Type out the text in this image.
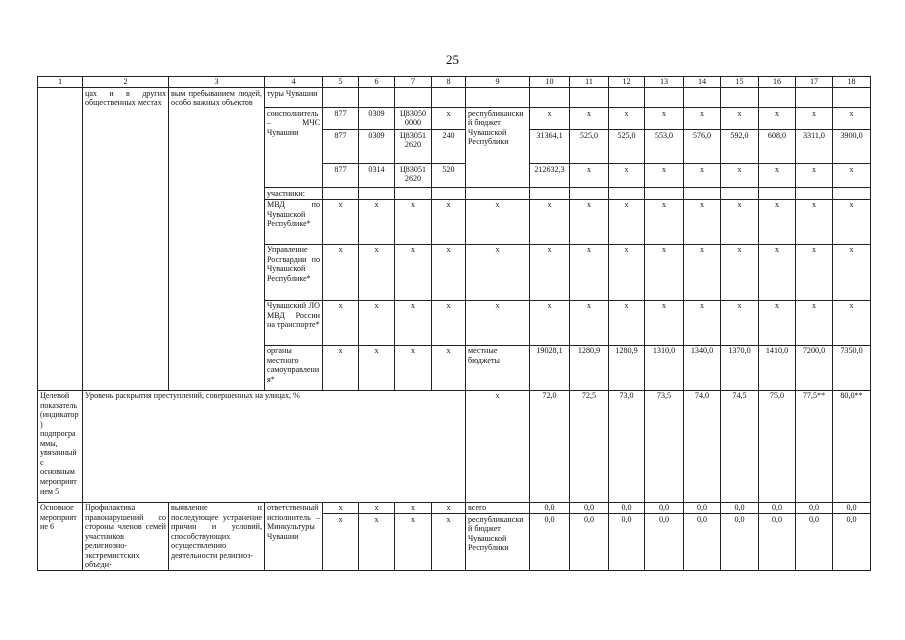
25
1	2	3	4	5	6	7	8	9	10	11	12	13	14	15	16	17	18
	цах и в других общественных местах	вым пребыванием людей, особо важных объектов	туры Чувашии														
			соисполнитель – МЧС Чувашии	877	0309	Ц83050 0000	х	республиканский бюджет Чувашской Республики	х	х	х	х	х	х	х	х	х
				877	0309	Ц83051 2620	240		31364,1	525,0	525,0	553,0	576,0	592,0	608,0	3311,0	3900,0
				877	0314	Ц83051 2620	520		212632,3	х	х	х	х	х	х	х	х
			участники:														
			МВД по Чувашской Республике*	х	х	х	х	х	х	х	х	х	х	х	х	х	х
			Управление Росгвардии по Чувашской Республике*	х	х	х	х	х	х	х	х	х	х	х	х	х	х
			Чувашский ЛО МВД России на транспорте*	х	х	х	х	х	х	х	х	х	х	х	х	х	х
			органы местного самоуправления*	х	х	х	х	местные бюджеты	19028,1	1280,9	1280,9	1310,0	1340,0	1370,0	1410,0	7200,0	7350,0
Целевой показатель (индикатор) подпрограммы, увязанный с основным мероприятием 5	Уровень раскрытия преступлений, совершенных на улицах, %							х	72,0	72,5	73,0	73,5	74,0	74,5	75,0	77,5**	80,0**
Основное мероприятие 6	Профилактика правонарушений со стороны членов семей участников религиозно-экстремистских объеди-	выявление и последующее устранение причин и условий, способствующих осуществлению деятельности религиоз-	ответственный исполнитель – Минкультуры Чувашии	х	х	х	х	всего	0,0	0,0	0,0	0,0	0,0	0,0	0,0	0,0	0,0
				х	х	х	х	республиканский бюджет Чувашской Республики	0,0	0,0	0,0	0,0	0,0	0,0	0,0	0,0	0,0
